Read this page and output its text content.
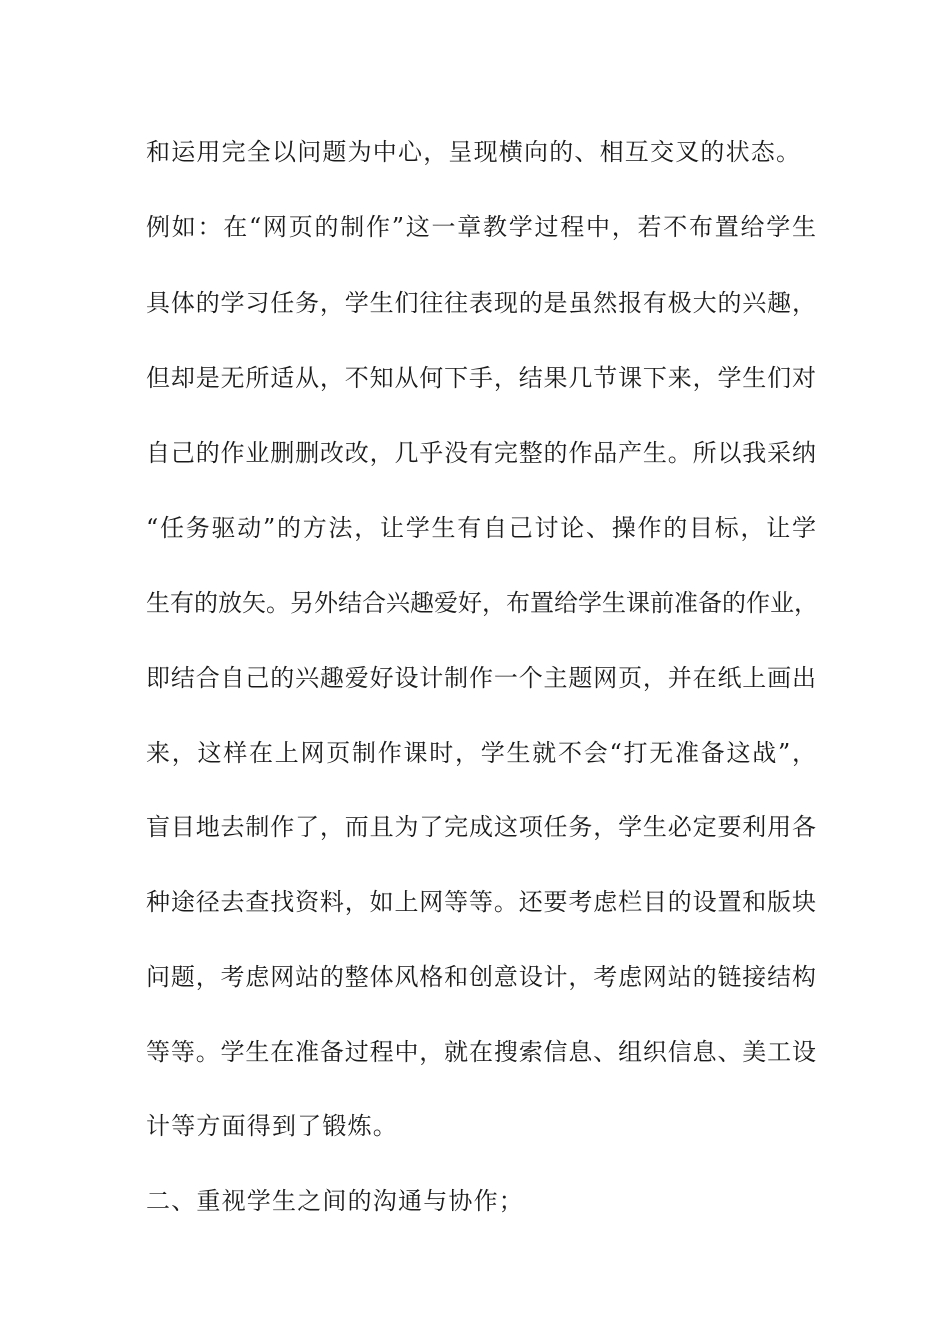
和运用完全以问题为中心，呈现横向的、相互交叉的状态。
例如：在“网页的制作”这一章教学过程中，若不布置给学生
具体的学习任务，学生们往往表现的是虽然报有极大的兴趣，
但却是无所适从，不知从何下手，结果几节课下来，学生们对
自己的作业删删改改，几乎没有完整的作品产生。所以我采纳
“任务驱动”的方法，让学生有自己讨论、操作的目标，让学
生有的放矢。另外结合兴趣爱好，布置给学生课前准备的作业，
即结合自己的兴趣爱好设计制作一个主题网页，并在纸上画出
来，这样在上网页制作课时，学生就不会“打无准备这战”，
盲目地去制作了，而且为了完成这项任务，学生必定要利用各
种途径去查找资料，如上网等等。还要考虑栏目的设置和版块
问题，考虑网站的整体风格和创意设计，考虑网站的链接结构
等等。学生在准备过程中，就在搜索信息、组织信息、美工设
计等方面得到了锻炼。
二、重视学生之间的沟通与协作；
